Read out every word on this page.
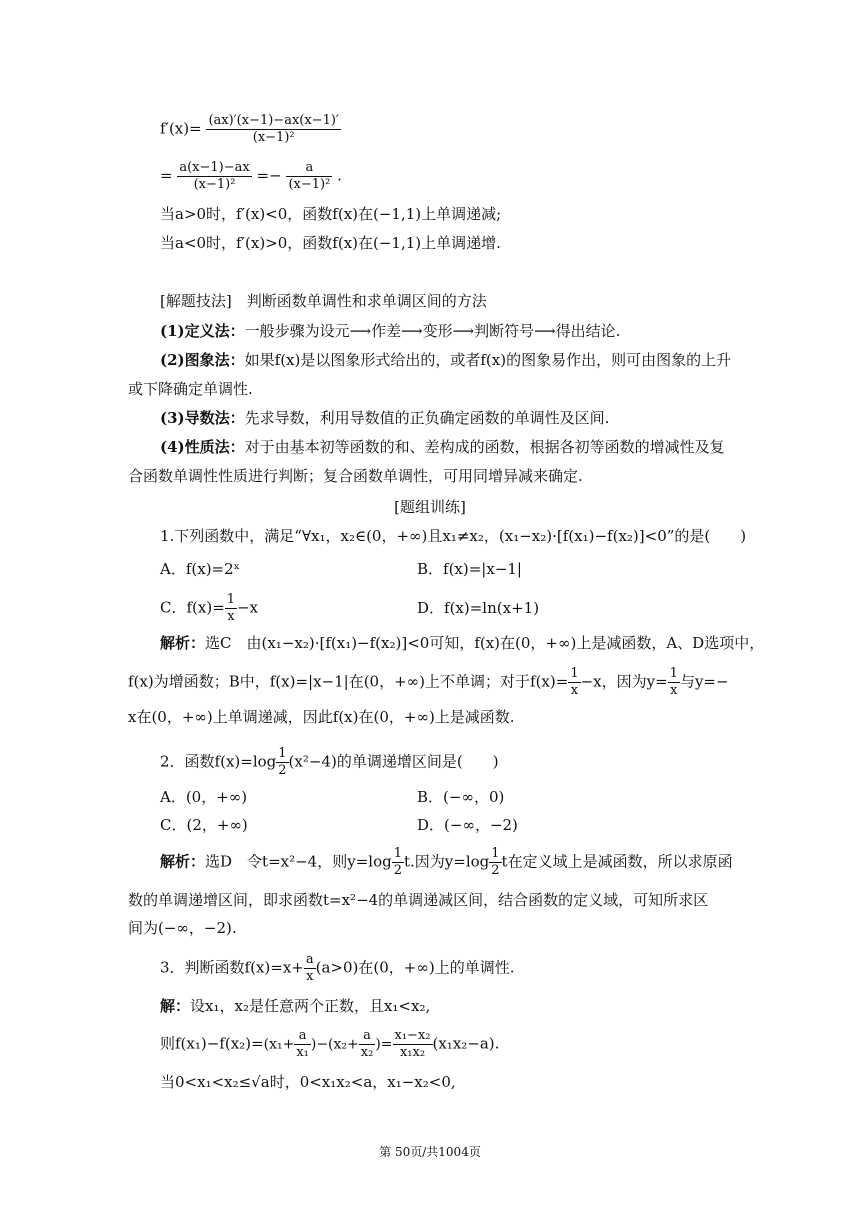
$f'(x)= \frac{(ax)'(x-1)-ax(x-1)'}{\text{(x−1)²}}$
= $\frac{a(x-1)-ax}{\text{(x−1)²}} =- \frac{a}{\text{(x−1)²}}$ .
当a>0时，f′(x)<0，函数f(x)在(−1,1)上单调递减;
当a<0时，f′(x)>0，函数f(x)在(−1,1)上单调递增.
[解题技法]　判断函数单调性和求单调区间的方法
(1)定义法：一般步骤为设元⟶作差⟶变形⟶判断符号⟶得出结论.
(2)图象法：如果f(x)是以图象形式给出的，或者f(x)的图象易作出，则可由图象的上升
或下降确定单调性.
(3)导数法：先求导数，利用导数值的正负确定函数的单调性及区间.
(4)性质法：对于由基本初等函数的和、差构成的函数，根据各初等函数的增减性及复
合函数单调性性质进行判断；复合函数单调性，可用同增异减来确定.
[题组训练]
1.下列函数中，满足“∀x₁，x₂∈(0，+∞)且x₁≠x₂，(x₁−x₂)·[f(x₁)−f(x₂)]<0”的是(　　)
A．f(x)=2ˣ	B．f(x)=|x−1|
C．$f(x)= \frac{1}{x} -x$	D．f(x)=ln(x+1)
解析：选C　由(x₁−x₂)·[f(x₁)−f(x₂)]<0可知，f(x)在(0，+∞)上是减函数，A、D选项中，
f(x)为增函数；B中，f(x)=|x−1|在(0，+∞)上不单调；对于$f(x)= \frac{1}{x} -x$，因为$y= \frac{1}{x}$ 与y=−
x在(0，+∞)上单调递减，因此f(x)在(0，+∞)上是减函数.
2．函数$f(x)=\log \frac{1}{2} (x^2-4)$的单调递增区间是(　　)
A．(0，+∞)	B．(−∞，0)
C．(2，+∞)	D．(−∞，−2)
解析：选D　令t=x²−4，则$y=\log \frac{1}{2} t$.因为$y=\log \frac{1}{2}$ t在定义域上是减函数，所以求原函
数的单调递增区间，即求函数t=x²−4的单调递减区间，结合函数的定义域，可知所求区
间为(−∞，−2).
3．判断函数$f(x)=x+ \frac{a}{x} (a>0)$在(0，+∞)上的单调性.
解：设x₁，x₂是任意两个正数，且x₁<x₂,
则$f(x_1)-f(x_2)=(x_1+ \frac{a}{\text{x₁}} )-(x_2+ \frac{a}{\text{x₂}}$ )= $\frac{\text{x₁−x₂}}{\text{x₁x₂}} (x_1x_2-a)$.
当0<x₁<x₂≤√a时，0<x₁x₂<a，x₁−x₂<0,
第 50页/共1004页
